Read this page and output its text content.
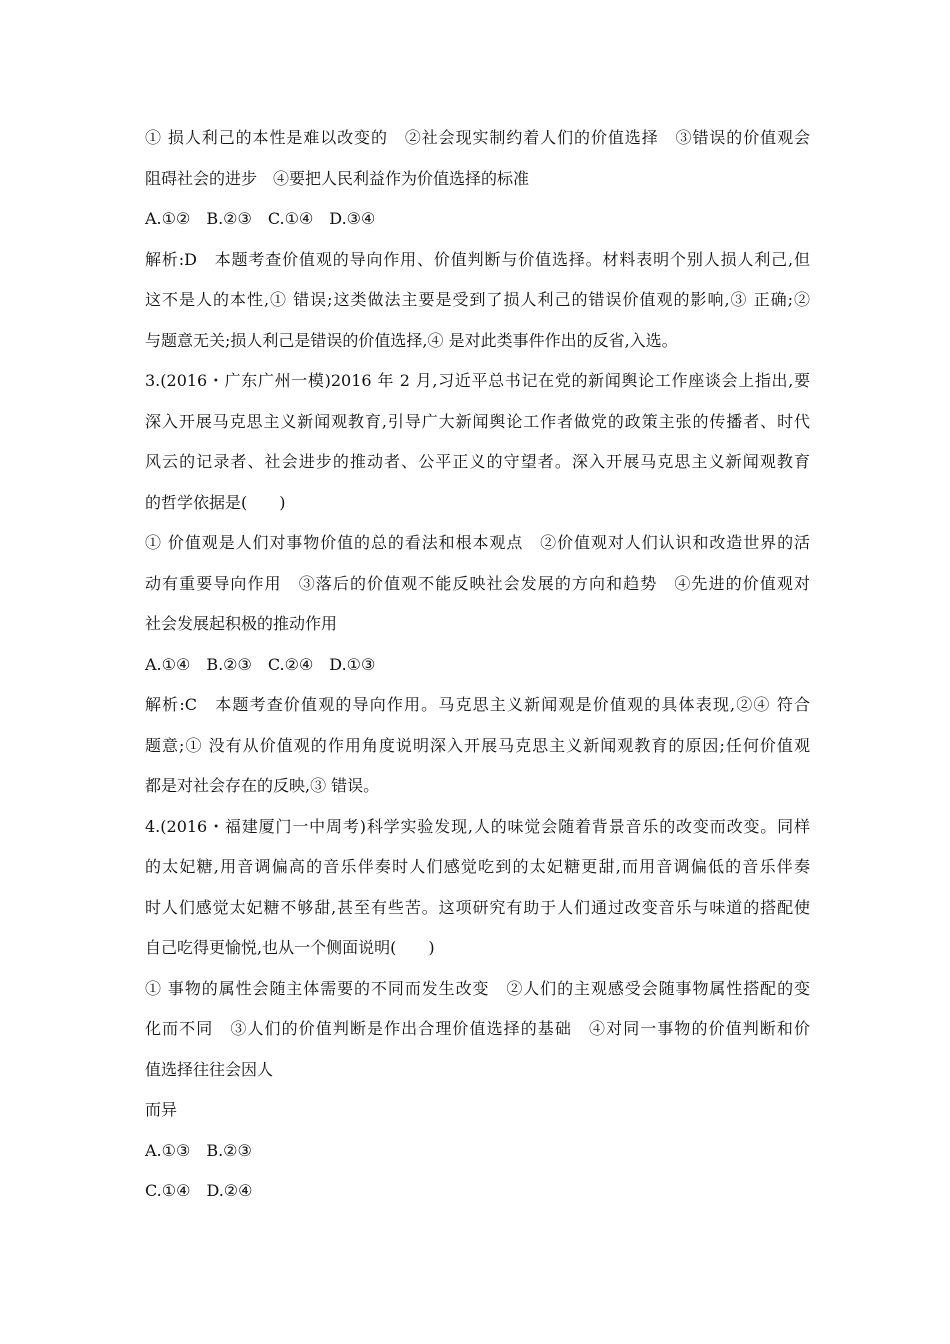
① 损人利己的本性是难以改变的　②社会现实制约着人们的价值选择　③错误的价值观会
阻碍社会的进步　④要把人民利益作为价值选择的标准
A.①②　B.②③　C.①④　D.③④
解析:D　本题考查价值观的导向作用、价值判断与价值选择。材料表明个别人损人利己,但
这不是人的本性,① 错误;这类做法主要是受到了损人利己的错误价值观的影响,③ 正确;②
与题意无关;损人利己是错误的价值选择,④ 是对此类事件作出的反省,入选。
3.(2016・广东广州一模)2016 年 2 月,习近平总书记在党的新闻舆论工作座谈会上指出,要
深入开展马克思主义新闻观教育,引导广大新闻舆论工作者做党的政策主张的传播者、时代
风云的记录者、社会进步的推动者、公平正义的守望者。深入开展马克思主义新闻观教育
的哲学依据是(　　)
① 价值观是人们对事物价值的总的看法和根本观点　②价值观对人们认识和改造世界的活
动有重要导向作用　③落后的价值观不能反映社会发展的方向和趋势　④先进的价值观对
社会发展起积极的推动作用
A.①④　B.②③　C.②④　D.①③
解析:C　本题考查价值观的导向作用。马克思主义新闻观是价值观的具体表现,②④ 符合
题意;① 没有从价值观的作用角度说明深入开展马克思主义新闻观教育的原因;任何价值观
都是对社会存在的反映,③ 错误。
4.(2016・福建厦门一中周考)科学实验发现,人的味觉会随着背景音乐的改变而改变。同样
的太妃糖,用音调偏高的音乐伴奏时人们感觉吃到的太妃糖更甜,而用音调偏低的音乐伴奏
时人们感觉太妃糖不够甜,甚至有些苦。这项研究有助于人们通过改变音乐与味道的搭配使
自己吃得更愉悦,也从一个侧面说明(　　)
① 事物的属性会随主体需要的不同而发生改变　②人们的主观感受会随事物属性搭配的变
化而不同　③人们的价值判断是作出合理价值选择的基础　④对同一事物的价值判断和价
值选择往往会因人
而异
A.①③　B.②③
C.①④　D.②④
